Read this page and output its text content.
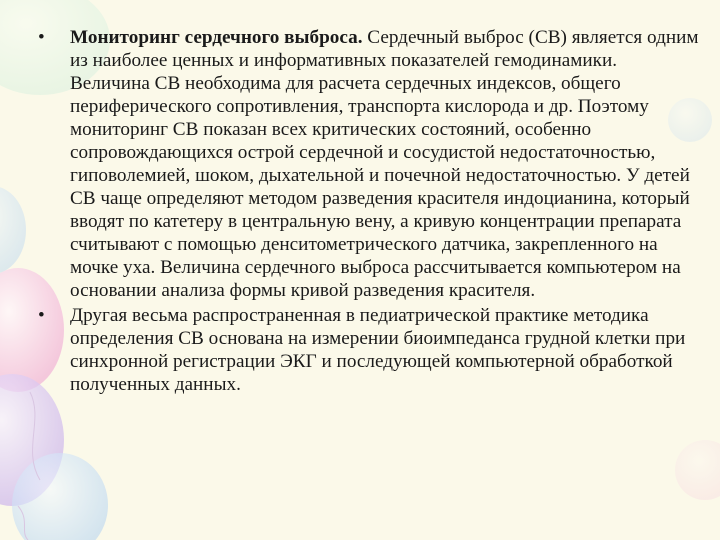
•	Мониторинг сердечного выброса. Сердечный выброс (СВ) является одним из наиболее ценных и информативных показателей гемодинамики. Величина СВ необходима для расчета сердечных индексов, общего периферического сопротивления, транспорта кислорода и др. Поэтому мониторинг СВ показан всех критических состояний, особенно сопровождающихся острой сердечной и сосудистой недостаточностью, гиповолемией, шоком, дыхательной и почечной недостаточностью. У детей СВ чаще определяют методом разведения красителя индоцианина, который вводят по катетеру в центральную вену, а кривую концентрации препарата считывают с помощью денситометрического датчика, закрепленного на мочке уха. Величина сердечного выброса рассчитывается компьютером на основании анализа формы кривой разведения красителя.
•	Другая весьма распространенная в педиатрической практике методика определения СВ основана на измерении биоимпеданса грудной клетки при синхронной регистрации ЭКГ и последующей компьютерной обработкой полученных данных.
